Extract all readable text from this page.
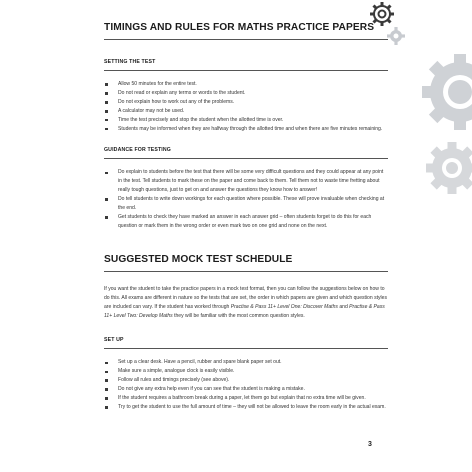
TIMINGS AND RULES FOR MATHS PRACTICE PAPERS
SETTING THE TEST
Allow 50 minutes for the entire test.
Do not read or explain any terms or words to the student.
Do not explain how to work out any of the problems.
A calculator may not be used.
Time the test precisely and stop the student when the allotted time is over.
Students may be informed when they are halfway through the allotted time and when there are five minutes remaining.
GUIDANCE FOR TESTING
Do explain to students before the test that there will be some very difficult questions and they could appear at any point in the test. Tell students to mark these on the paper and come back to them. Tell them not to waste time fretting about really tough questions, just to get on and answer the questions they know how to answer!
Do tell students to write down workings for each question where possible. These will prove invaluable when checking at the end.
Get students to check they have marked an answer in each answer grid – often students forget to do this for each question or mark them in the wrong order or even mark two on one grid and none on the next.
SUGGESTED MOCK TEST SCHEDULE

If you want the student to take the practice papers in a mock test format, then you can follow the suggestions below on how to do this. All exams are different in nature so the tests that are set, the order in which papers are given and which question styles are included can vary. If the student has worked through Practise & Pass 11+ Level One: Discover Maths and Practise & Pass 11+ Level Two: Develop Maths they will be familiar with the most common question styles.

SET UP
Set up a clear desk. Have a pencil, rubber and spare blank paper set out.
Make sure a simple, analogue clock is easily visible.
Follow all rules and timings precisely (see above).
Do not give any extra help even if you can see that the student is making a mistake.
If the student requires a bathroom break during a paper, let them go but explain that no extra time will be given.
Try to get the student to use the full amount of time – they will not be allowed to leave the room early in the actual exam.
3
